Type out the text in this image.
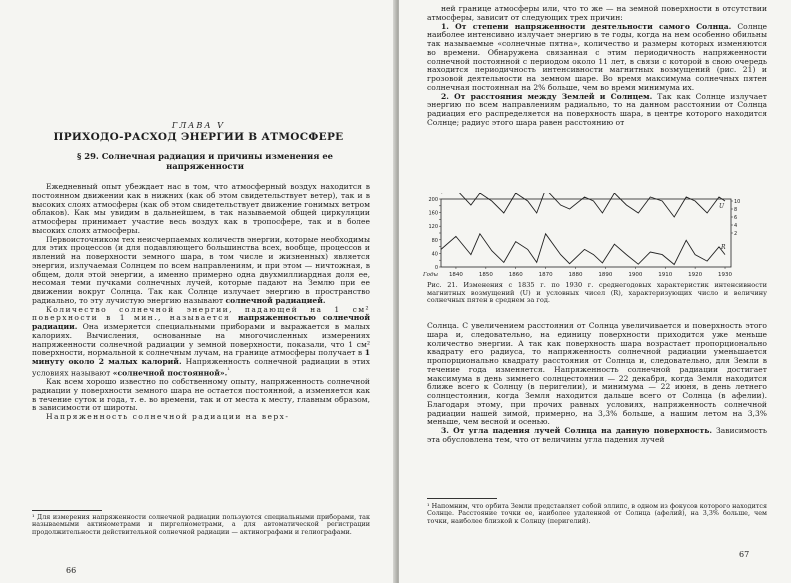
ГЛАВА V
ПРИХОДО-РАСХОД ЭНЕРГИИ В АТМОСФЕРЕ
§ 29. Солнечная радиация и причины изменения ее напряженности

Ежедневный опыт убеждает нас в том, что атмосферный воздух находится в постоянном движении как в нижних (как об этом свидетельствует ветер), так и в высоких слоях атмосферы (как об этом свидетельствует движение гонимых ветром облаков). Как мы увидим в дальнейшем, в так называемой общей циркуляции атмосферы принимает участие весь воздух как в тропосфере, так и в более высоких слоях атмосферы.

Первоисточником тех неисчерпаемых количеств энергии, которые необходимы для этих процессов (и для подавляющего большинства всех, вообще, процессов и явлений на поверхности земного шара, в том числе и жизненных) является энергия, излучаемая Солнцем по всем направлениям, и при этом — ничтожная, в общем, доля этой энергии, а именно примерно одна двухмиллиардная доля ее, несомая теми пучками солнечных лучей, которые падают на Землю при ее движении вокруг Солнца. Так как Солнце излучает энергию в пространство радиально, то эту лучистую энергию называют солнечной радиацией.

Количество солнечной энергии, падающей на 1 см² поверхности в 1 мин., называется напряженностью солнечной радиации. Она измеряется специальными приборами и выражается в малых калориях. Вычисления, основанные на многочисленных измерениях напряженности солнечной радиации у земной поверхности, показали, что 1 см² поверхности, нормальной к солнечным лучам, на границе атмосферы получает в 1 минуту около 2 малых калорий. Напряженность солнечной радиации в этих условиях называют «солнечной постоянной».$^{^1}$

Как всем хорошо известно по собственному опыту, напряженность солнечной радиации у поверхности земного шара не остается постоянной, а изменяется как в течение суток и года, т. е. во времени, так и от места к месту, главным образом, в зависимости от широты.

Напряженность солнечной радиации на верх-

¹ Для измерения напряженности солнечной радиации пользуются специальными приборами, так называемыми актинометрами и пиргелиометрами, а для автоматической регистрации продолжительности действительной солнечной радиации — актинографами и гелиографами.
66

ней границе атмосферы или, что то же — на земной поверхности в отсутствии атмосферы, зависит от следующих трех причин:

1. От степени напряженности деятельности самого Солнца. Солнце наиболее интенсивно излучает энергию в те годы, когда на нем особенно обильны так называемые «солнечные пятна», количество и размеры которых изменяются во времени. Обнаружена связанная с этим периодичность напряженности солнечной постоянной с периодом около 11 лет, в связи с которой в свою очередь находится периодичность интенсивности магнитных возмущений (рис. 21) и грозовой деятельности на земном шаре. Во время максимума солнечных пятен солнечная постоянная на 2% больше, чем во время минимума их.

2. От расстояния между Землей и Солнцем. Так как Солнце излучает энергию по всем направлениям радиально, то на данном расстоянии от Солнца радиация его распределяется на поверхность шара, в центре которого находится Солнце; радиус этого шара равен расстоянию от

200
160
120
80
40
0
10
8
6
4
2
U
R
1840	1850	1860	1870	1880	1890	1900	1910	1920	1930
Годы
Рис. 21. Изменения с 1835 г. по 1930 г. среднегодовых характеристик интенсивности магнитных возмущений (U) и условных чисел (R), характеризующих число и величину солнечных пятен в среднем за год.

Солнца. С увеличением расстояния от Солнца увеличивается и поверхность этого шара и, следовательно, на единицу поверхности приходится уже меньше количество энергии. А так как поверхность шара возрастает пропорционально квадрату его радиуса, то напряженность солнечной радиации уменьшается пропорционально квадрату расстояния от Солнца и, следовательно, для Земли в течение года изменяется. Напряженность солнечной радиации достигает максимума в день зимнего солнцестояния — 22 декабря, когда Земля находится ближе всего к Солнцу (в перигелии), и минимума — 22 июня, в день летнего солнцестояния, когда Земля находится дальше всего от Солнца (в афелии). Благодаря этому, при прочих равных условиях, напряженность солнечной радиации нашей зимой, примерно, на 3,3% больше, а нашим летом на 3,3% меньше, чем весной и осенью.

3. От угла падения лучей Солнца на данную поверхность. Зависимость эта обусловлена тем, что от величины угла падения лучей

¹ Напомним, что орбита Земли представляет собой эллипс, в одном из фокусов которого находится Солнце. Расстояние точки ее, наиболее удаленной от Солнца (афелий), на 3,3% больше, чем точки, наиболее близкой к Солнцу (перигелий).
67
